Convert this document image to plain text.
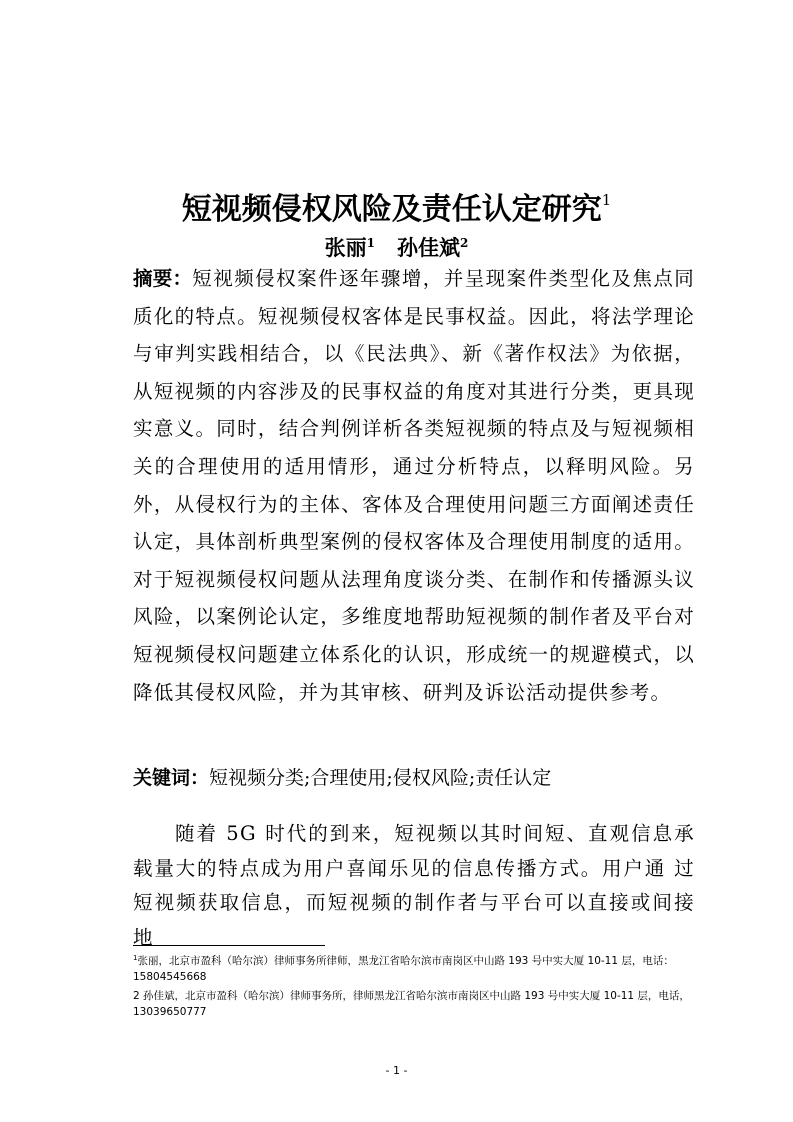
短视频侵权风险及责任认定研究$^1$
张丽$^1$ 孙佳斌$^2$
摘要：短视频侵权案件逐年骤增，并呈现案件类型化及焦点同质化的特点。短视频侵权客体是民事权益。因此，将法学理论与审判实践相结合，以《民法典》、新《著作权法》为依据，从短视频的内容涉及的民事权益的角度对其进行分类，更具现实意义。同时，结合判例详析各类短视频的特点及与短视频相关的合理使用的适用情形，通过分析特点，以释明风险。另外，从侵权行为的主体、客体及合理使用问题三方面阐述责任认定，具体剖析典型案例的侵权客体及合理使用制度的适用。对于短视频侵权问题从法理角度谈分类、在制作和传播源头议风险，以案例论认定，多维度地帮助短视频的制作者及平台对短视频侵权问题建立体系化的认识，形成统一的规避模式，以降低其侵权风险，并为其审核、研判及诉讼活动提供参考。
关键词：短视频分类;合理使用;侵权风险;责任认定
随着 5G 时代的到来，短视频以其时间短、直观信息承载量大的特点成为用户喜闻乐见的信息传播方式。用户通 过短视频获取信息，而短视频的制作者与平台可以直接或间接地
$^1$张丽，北京市盈科（哈尔滨）律师事务所律师，黑龙江省哈尔滨市南岗区中山路 193 号中实大厦 10-11 层，电话：15804545668
2 孙佳斌，北京市盈科（哈尔滨）律师事务所，律师黑龙江省哈尔滨市南岗区中山路 193 号中实大厦 10-11 层，电话，13039650777
- 1 -
